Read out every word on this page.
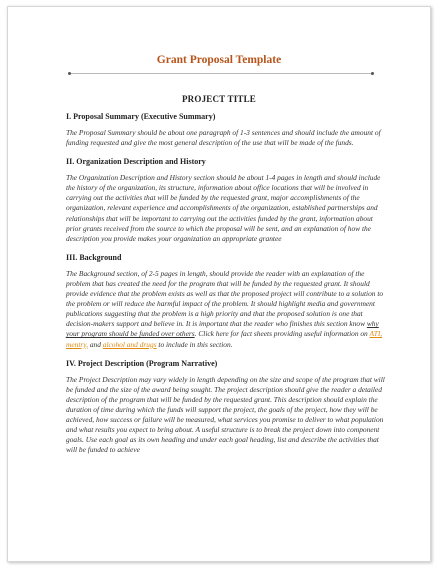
Grant Proposal Template
PROJECT TITLE
I. Proposal Summary (Executive Summary)
The Proposal Summary should be about one paragraph of 1-3 sentences and should include the amount of funding requested and give the most general description of the use that will be made of the funds.
II. Organization Description and History
The Organization Description and History section should be about 1-4 pages in length and should include the history of the organization, its structure, information about office locations that will be involved in carrying out the activities that will be funded by the requested grant, major accomplishments of the organization, relevant experience and accomplishments of the organization, established partnerships and relationships that will be important to carrying out the activities funded by the grant, information about prior grants received from the source to which the proposal will be sent, and an explanation of how the description you provide makes your organization an appropriate grantee
III. Background
The Background section, of 2-5 pages in length, should provide the reader with an explanation of the problem that has created the need for the program that will be funded by the requested grant. It should provide evidence that the problem exists as well as that the proposed project will contribute to a solution to the problem or will reduce the harmful impact of the problem. It should highlight media and government publications suggesting that the problem is a high priority and that the proposed solution is one that decision-makers support and believe in. It is important that the reader who finishes this section know why your program should be funded over others. Click here for fact sheets providing useful information on ATI, mentry, and alcohol and drugs to include in this section.
IV. Project Description (Program Narrative)
The Project Description may vary widely in length depending on the size and scope of the program that will be funded and the size of the award being sought. The project description should give the reader a detailed description of the program that will be funded by the requested grant. This description should explain the duration of time during which the funds will support the project, the goals of the project, how they will be achieved, how success or failure will be measured, what services you promise to deliver to what population and what results you expect to bring about. A useful structure is to break the project down into component goals. Use each goal as its own heading and under each goal heading, list and describe the activities that will be funded to achieve
